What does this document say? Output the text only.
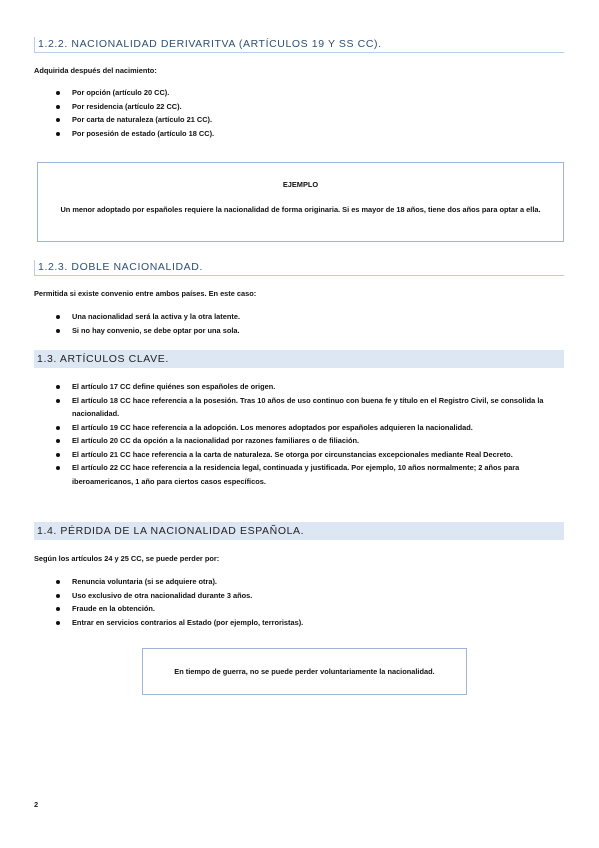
1.2.2. NACIONALIDAD DERIVARITVA (ARTÍCULOS 19 Y SS CC).
Adquirida después del nacimiento:
Por opción (artículo 20 CC).
Por residencia (artículo 22 CC).
Por carta de naturaleza (artículo 21 CC).
Por posesión de estado (artículo 18 CC).
EJEMPLO
Un menor adoptado por españoles requiere la nacionalidad de forma originaria. Si es mayor de 18 años, tiene dos años para optar a ella.
1.2.3. DOBLE NACIONALIDAD.
Permitida si existe convenio entre ambos países. En este caso:
Una nacionalidad será la activa y la otra latente.
Si no hay convenio, se debe optar por una sola.
1.3. ARTÍCULOS CLAVE.
El artículo 17 CC define quiénes son españoles de origen.
El artículo 18 CC hace referencia a la posesión. Tras 10 años de uso continuo con buena fe y título en el Registro Civil, se consolida la nacionalidad.
El artículo 19 CC hace referencia a la adopción. Los menores adoptados por españoles adquieren la nacionalidad.
El artículo 20 CC da opción a la nacionalidad por razones familiares o de filiación.
El artículo 21 CC hace referencia a la carta de naturaleza. Se otorga por circunstancias excepcionales mediante Real Decreto.
El artículo 22 CC hace referencia a la residencia legal, continuada y justificada. Por ejemplo, 10 años normalmente; 2 años para iberoamericanos, 1 año para ciertos casos específicos.
1.4. PÉRDIDA DE LA NACIONALIDAD ESPAÑOLA.
Según los artículos 24 y 25 CC, se puede perder por:
Renuncia voluntaria (si se adquiere otra).
Uso exclusivo de otra nacionalidad durante 3 años.
Fraude en la obtención.
Entrar en servicios contrarios al Estado (por ejemplo, terroristas).
En tiempo de guerra, no se puede perder voluntariamente la nacionalidad.
2
